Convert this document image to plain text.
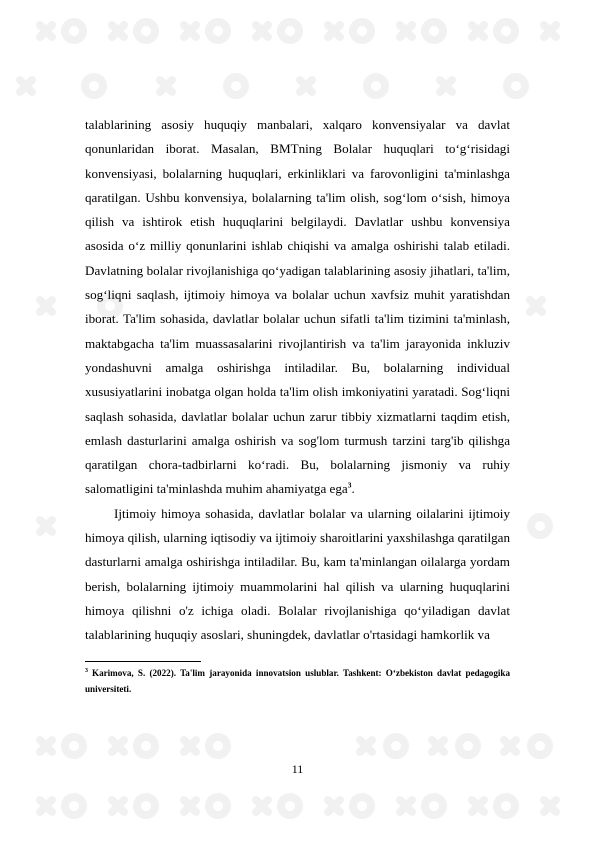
talablarining asosiy huquqiy manbalari, xalqaro konvensiyalar va davlat qonunlaridan iborat. Masalan, BMTning Bolalar huquqlari to‘g‘risidagi konvensiyasi, bolalarning huquqlari, erkinliklari va farovonligini ta'minlashga qaratilgan. Ushbu konvensiya, bolalarning ta'lim olish, sog‘lom o‘sish, himoya qilish va ishtirok etish huquqlarini belgilaydi. Davlatlar ushbu konvensiya asosida o‘z milliy qonunlarini ishlab chiqishi va amalga oshirishi talab etiladi. Davlatning bolalar rivojlanishiga qo‘yadigan talablarining asosiy jihatlari, ta'lim, sog‘liqni saqlash, ijtimoiy himoya va bolalar uchun xavfsiz muhit yaratishdan iborat. Ta'lim sohasida, davlatlar bolalar uchun sifatli ta'lim tizimini ta'minlash, maktabgacha ta'lim muassasalarini rivojlantirish va ta'lim jarayonida inkluziv yondashuvni amalga oshirishga intiladilar. Bu, bolalarning individual xususiyatlarini inobatga olgan holda ta'lim olish imkoniyatini yaratadi. Sog‘liqni saqlash sohasida, davlatlar bolalar uchun zarur tibbiy xizmatlarni taqdim etish, emlash dasturlarini amalga oshirish va sog'lom turmush tarzini targ'ib qilishga qaratilgan chora-tadbirlarni ko‘radi. Bu, bolalarning jismoniy va ruhiy salomatligini ta'minlashda muhim ahamiyatga ega$^3$.

Ijtimoiy himoya sohasida, davlatlar bolalar va ularning oilalarini ijtimoiy himoya qilish, ularning iqtisodiy va ijtimoiy sharoitlarini yaxshilashga qaratilgan dasturlarni amalga oshirishga intiladilar. Bu, kam ta'minlangan oilalarga yordam berish, bolalarning ijtimoiy muammolarini hal qilish va ularning huquqlarini himoya qilishni o'z ichiga oladi. Bolalar rivojlanishiga qo‘yiladigan davlat talablarining huquqiy asoslari, shuningdek, davlatlar o'rtasidagi hamkorlik va

$^3$ Karimova, S. (2022). Ta'lim jarayonida innovatsion uslublar. Tashkent: O‘zbekiston davlat pedagogika universiteti.
11
